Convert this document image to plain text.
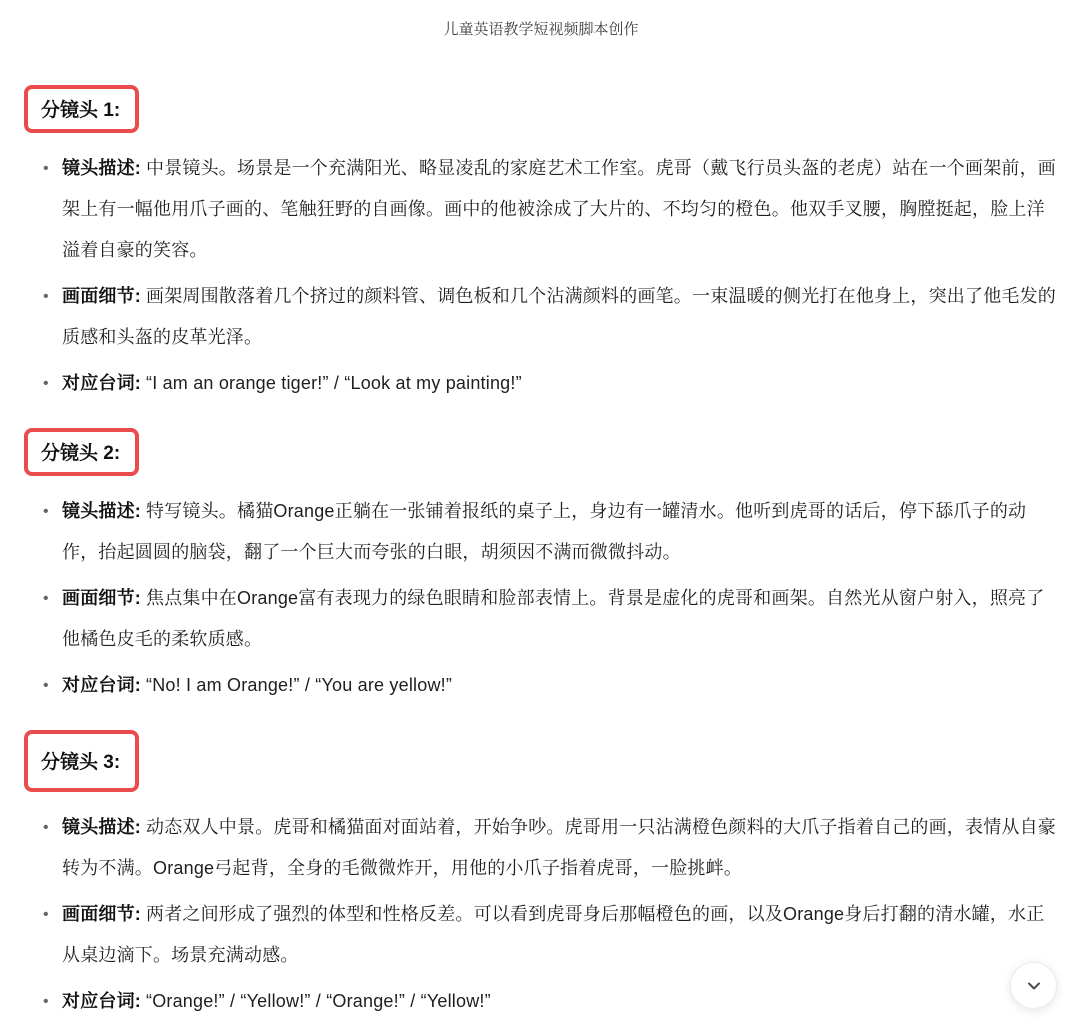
儿童英语教学短视频脚本创作
分镜头 1:
• 镜头描述: 中景镜头。场景是一个充满阳光、略显凌乱的家庭艺术工作室。虎哥（戴飞行员头盔的老虎）站在一个画架前，画架上有一幅他用爪子画的、笔触狂野的自画像。画中的他被涂成了大片的、不均匀的橙色。他双手叉腰，胸膛挺起，脸上洋溢着自豪的笑容。
• 画面细节: 画架周围散落着几个挤过的颜料管、调色板和几个沾满颜料的画笔。一束温暖的侧光打在他身上，突出了他毛发的质感和头盔的皮革光泽。
• 对应台词: “I am an orange tiger!” / “Look at my painting!”
分镜头 2:
• 镜头描述: 特写镜头。橘猫Orange正躺在一张铺着报纸的桌子上，身边有一罐清水。他听到虎哥的话后，停下舔爪子的动作，抬起圆圆的脑袋，翻了一个巨大而夸张的白眼，胡须因不满而微微抖动。
• 画面细节: 焦点集中在Orange富有表现力的绿色眼睛和脸部表情上。背景是虚化的虎哥和画架。自然光从窗户射入，照亮了他橘色皮毛的柔软质感。
• 对应台词: “No! I am Orange!” / “You are yellow!”
分镜头 3:
• 镜头描述: 动态双人中景。虎哥和橘猫面对面站着，开始争吵。虎哥用一只沾满橙色颜料的大爪子指着自己的画，表情从自豪转为不满。Orange弓起背，全身的毛微微炸开，用他的小爪子指着虎哥，一脸挑衅。
• 画面细节: 两者之间形成了强烈的体型和性格反差。可以看到虎哥身后那幅橙色的画，以及Orange身后打翻的清水罐，水正从桌边滴下。场景充满动感。
• 对应台词: “Orange!” / “Yellow!” / “Orange!” / “Yellow!”
